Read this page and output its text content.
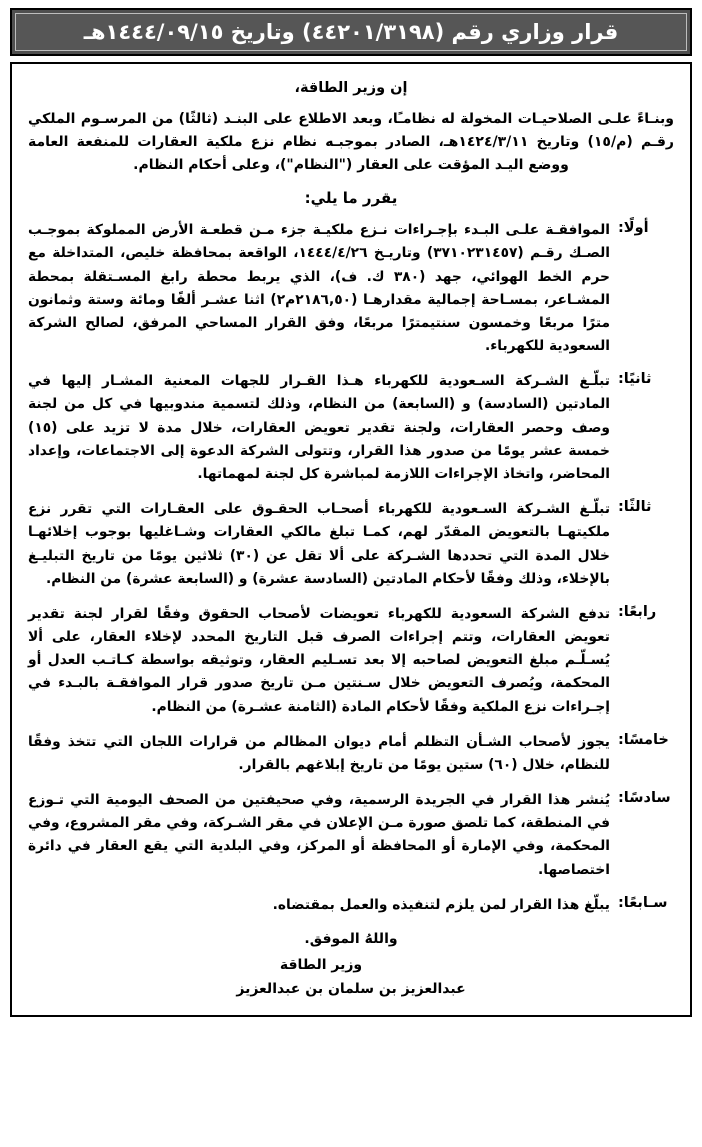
قرار وزاري رقم (٤٤٢٠١/٣١٩٨) وتاريخ ١٤٤٤/٠٩/١٥هـ
إن وزير الطاقة،

وبنـاءً علـى الصلاحيـات المخولة له نظامـًا، وبعد الاطلاع على البنـد (ثالثًا) من المرسـوم الملكي رقـم (م/١٥) وتاريخ ١٤٢٤/٣/١١هـ، الصادر بموجبـه نظام نزع ملكية العقارات للمنفعة العامة ووضع اليـد المؤقت على العقار ("النظام")، وعلى أحكام النظام.

يقرر ما يلي:
أولًا:
الموافقـة علـى البـدء بإجـراءات نـزع ملكيـة جزء مـن قطعـة الأرض المملوكة بموجـب الصـك رقـم (٣٧١٠٢٣١٤٥٧) وتاريـخ ١٤٤٤/٤/٢٦، الواقعة بمحافظة خليص، المتداخلة مع حرم الخط الهوائي، جهد (٣٨٠ ك. ف)، الذي يربط محطة رابغ المسـتقلة بمحطة المشـاعر، بمسـاحة إجمالية مقدارهـا (٢١٨٦,٥٠م٢) اثنا عشـر ألفًا ومائة وستة وثمانون مترًا مربعًا وخمسون سنتيمترًا مربعًا، وفق القرار المساحي المرفق، لصالح الشركة السعودية للكهرباء.
ثانيًا:
تبلّـغ الشـركة السـعودية للكهرباء هـذا القـرار للجهات المعنية المشـار إليها في المادتين (السادسة) و (السابعة) من النظام، وذلك لتسمية مندوبيها في كل من لجنة وصف وحصر العقارات، ولجنة تقدير تعويض العقارات، خلال مدة لا تزيد على (١٥) خمسة عشر يومًا من صدور هذا القرار، وتتولى الشركة الدعوة إلى الاجتماعات، وإعداد المحاضر، واتخاذ الإجراءات اللازمة لمباشرة كل لجنة لمهماتها.
ثالثًا:
تبلّـغ الشـركة السـعودية للكهرباء أصحـاب الحقـوق على العقـارات التي تقرر نزع ملكيتهـا بالتعويض المقدّر لهم، كمـا تبلغ مالكي العقارات وشـاغليها بوجوب إخلائهـا خلال المدة التي تحددها الشـركة على ألا تقل عن (٣٠) ثلاثين يومًا من تاريخ التبليـغ بالإخلاء، وذلك وفقًا لأحكام المادتين (السادسة عشرة) و (السابعة عشرة) من النظام.
رابعًا:
تدفع الشركة السعودية للكهرباء تعويضات لأصحاب الحقوق وفقًا لقرار لجنة تقدير تعويض العقارات، وتتم إجراءات الصرف قبل التاريخ المحدد لإخلاء العقار، على ألا يُسـلّـم مبلغ التعويض لصاحبه إلا بعد تسـليم العقار، وتوثيقه بواسطة كـاتـب العدل أو المحكمة، ويُصرف التعويض خلال سـنتين مـن تاريخ صدور قرار الموافقـة بالبـدء في إجـراءات نزع الملكية وفقًا لأحكام المادة (الثامنة عشـرة) من النظام.
خامسًا:
يجوز لأصحاب الشـأن التظلم أمام ديوان المظالم من قرارات اللجان التي تتخذ وفقًا للنظام، خلال (٦٠) ستين يومًا من تاريخ إبلاغهم بالقرار.
سادسًا:
يُنشر هذا القرار في الجريدة الرسمية، وفي صحيفتين من الصحف اليومية التي تـوزع في المنطقة، كما تلصق صورة مـن الإعلان في مقر الشـركة، وفي مقر المشروع، وفي المحكمة، وفي الإمارة أو المحافظة أو المركز، وفي البلدية التي يقع العقار في دائرة اختصاصها.
سـابعًا:
يبلّغ هذا القرار لمن يلزم لتنفيذه والعمل بمقتضاه.
واللهُ الموفق.
وزير الطاقة
عبدالعزيز بن سلمان بن عبدالعزيز
